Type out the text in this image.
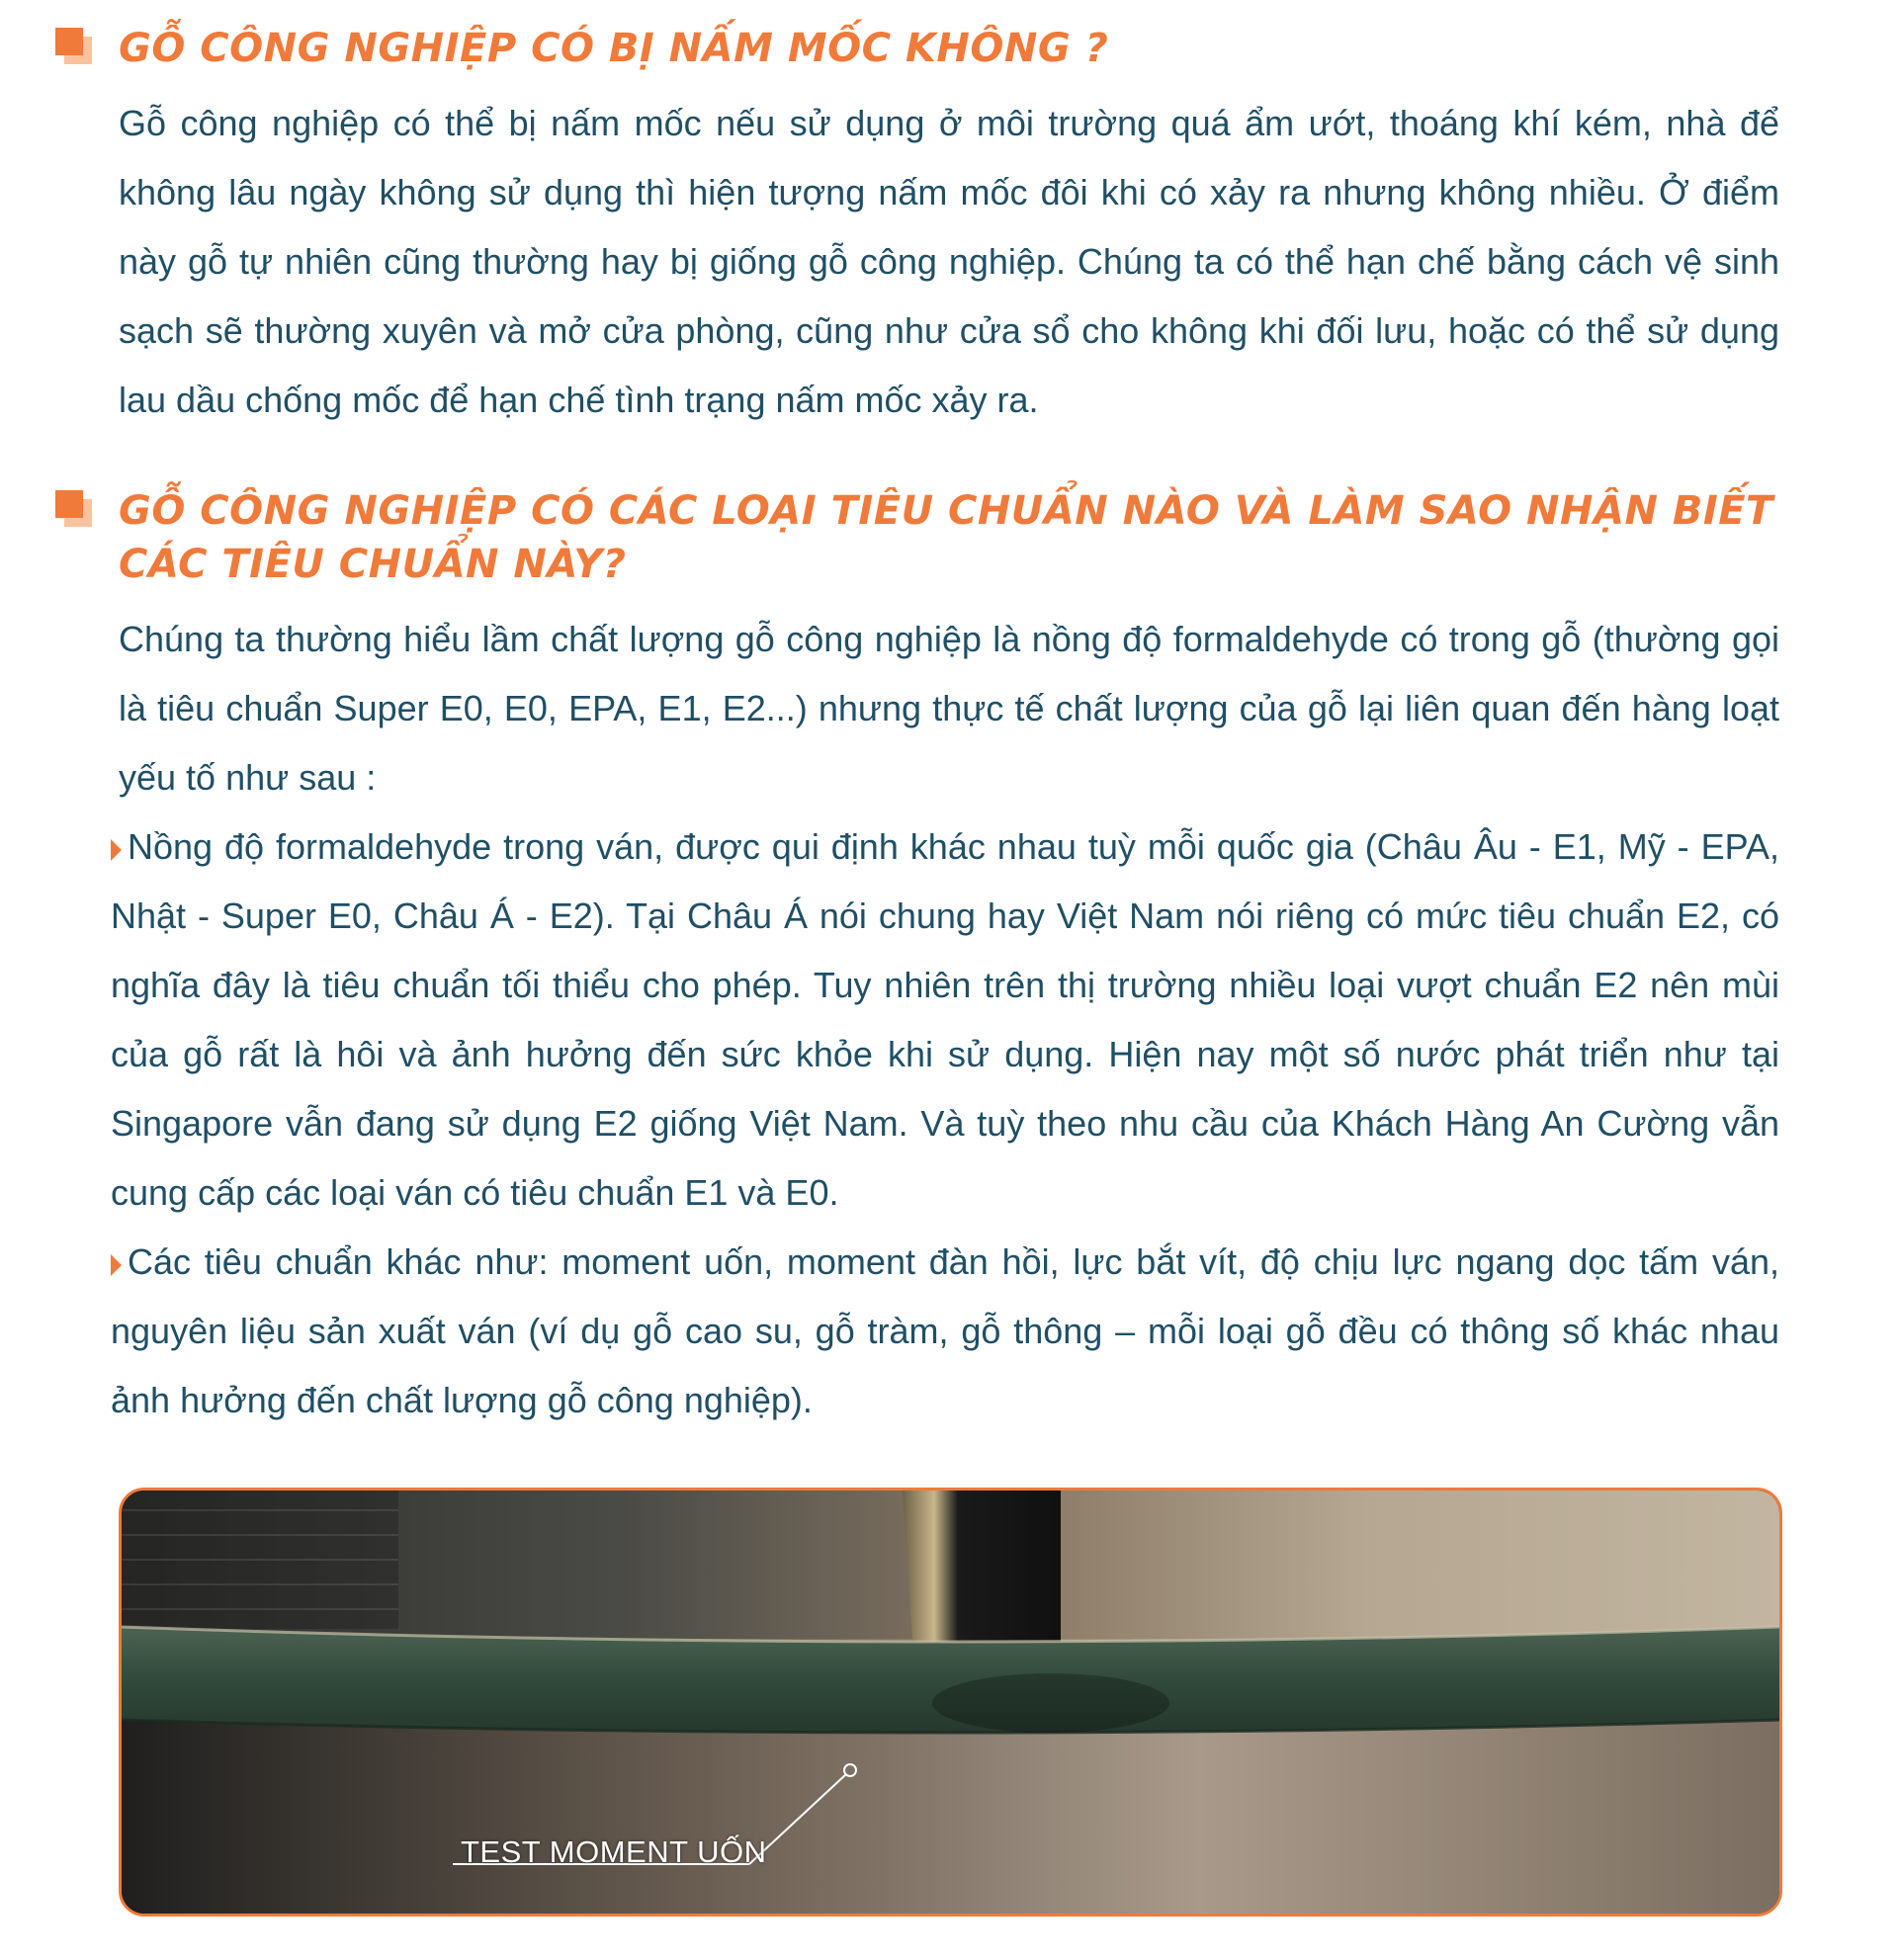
GỖ CÔNG NGHIỆP CÓ BỊ NẤM MỐC KHÔNG ?

Gỗ công nghiệp có thể bị nấm mốc nếu sử dụng ở môi trường quá ẩm ướt, thoáng khí kém, nhà để không lâu ngày không sử dụng thì hiện tượng nấm mốc đôi khi có xảy ra nhưng không nhiều. Ở điểm này gỗ tự nhiên cũng thường hay bị giống gỗ công nghiệp. Chúng ta có thể hạn chế bằng cách vệ sinh sạch sẽ thường xuyên và mở cửa phòng, cũng như cửa sổ cho không khi đối lưu, hoặc có thể sử dụng lau dầu chống mốc để hạn chế tình trạng nấm mốc xảy ra.

GỖ CÔNG NGHIỆP CÓ CÁC LOẠI TIÊU CHUẨN NÀO VÀ LÀM SAO NHẬN BIẾT CÁC TIÊU CHUẨN NÀY?

Chúng ta thường hiểu lầm chất lượng gỗ công nghiệp là nồng độ formaldehyde có trong gỗ (thường gọi là tiêu chuẩn Super E0, E0, EPA, E1, E2...) nhưng thực tế chất lượng của gỗ lại liên quan đến hàng loạt yếu tố như sau :

Nồng độ formaldehyde trong ván, được qui định khác nhau tuỳ mỗi quốc gia (Châu Âu - E1, Mỹ - EPA, Nhật - Super E0, Châu Á - E2). Tại Châu Á nói chung hay Việt Nam nói riêng có mức tiêu chuẩn E2, có nghĩa đây là tiêu chuẩn tối thiểu cho phép. Tuy nhiên trên thị trường nhiều loại vượt chuẩn E2 nên mùi của gỗ rất là hôi và ảnh hưởng đến sức khỏe khi sử dụng. Hiện nay một số nước phát triển như tại Singapore vẫn đang sử dụng E2 giống Việt Nam. Và tuỳ theo nhu cầu của Khách Hàng An Cường vẫn cung cấp các loại ván có tiêu chuẩn E1 và E0.

Các tiêu chuẩn khác như: moment uốn, moment đàn hồi, lực bắt vít, độ chịu lực ngang dọc tấm ván, nguyên liệu sản xuất ván (ví dụ gỗ cao su, gỗ tràm, gỗ thông – mỗi loại gỗ đều có thông số khác nhau ảnh hưởng đến chất lượng gỗ công nghiệp).

TEST MOMENT UỐN
